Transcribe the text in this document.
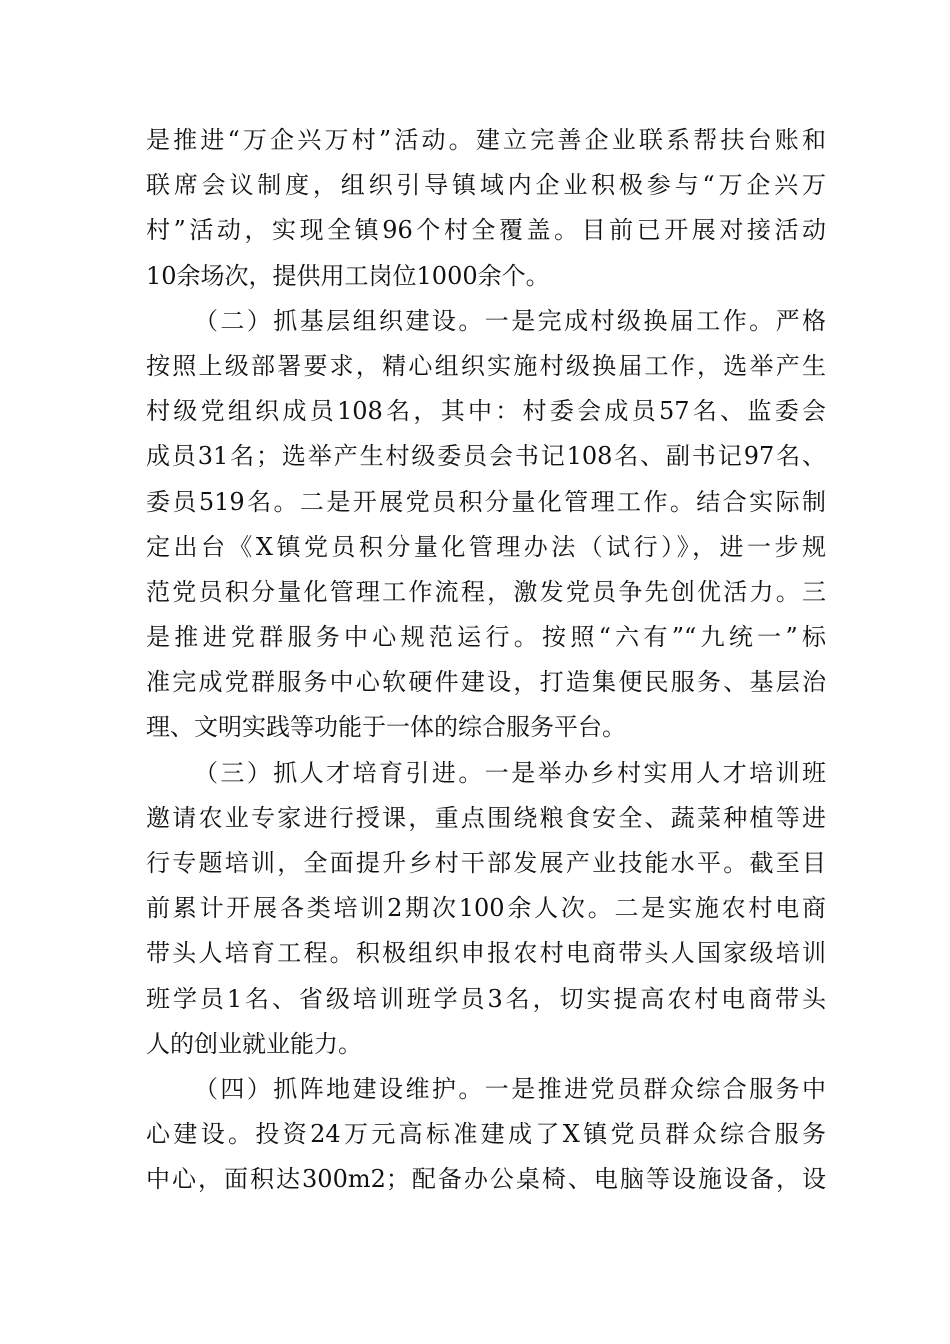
是推进“万企兴万村”活动。建立完善企业联系帮扶台账和
联席会议制度，组织引导镇域内企业积极参与“万企兴万
村”活动，实现全镇96个村全覆盖。目前已开展对接活动
10余场次，提供用工岗位1000余个。
（二）抓基层组织建设。一是完成村级换届工作。严格
按照上级部署要求，精心组织实施村级换届工作，选举产生
村级党组织成员108名，其中：村委会成员57名、监委会
成员31名；选举产生村级委员会书记108名、副书记97名、
委员519名。二是开展党员积分量化管理工作。结合实际制
定出台《X镇党员积分量化管理办法（试行）》，进一步规
范党员积分量化管理工作流程，激发党员争先创优活力。三
是推进党群服务中心规范运行。按照“六有”“九统一”标
准完成党群服务中心软硬件建设，打造集便民服务、基层治
理、文明实践等功能于一体的综合服务平台。
（三）抓人才培育引进。一是举办乡村实用人才培训班
邀请农业专家进行授课，重点围绕粮食安全、蔬菜种植等进
行专题培训，全面提升乡村干部发展产业技能水平。截至目
前累计开展各类培训2期次100余人次。二是实施农村电商
带头人培育工程。积极组织申报农村电商带头人国家级培训
班学员1名、省级培训班学员3名，切实提高农村电商带头
人的创业就业能力。
（四）抓阵地建设维护。一是推进党员群众综合服务中
心建设。投资24万元高标准建成了X镇党员群众综合服务
中心，面积达300m2；配备办公桌椅、电脑等设施设备，设
